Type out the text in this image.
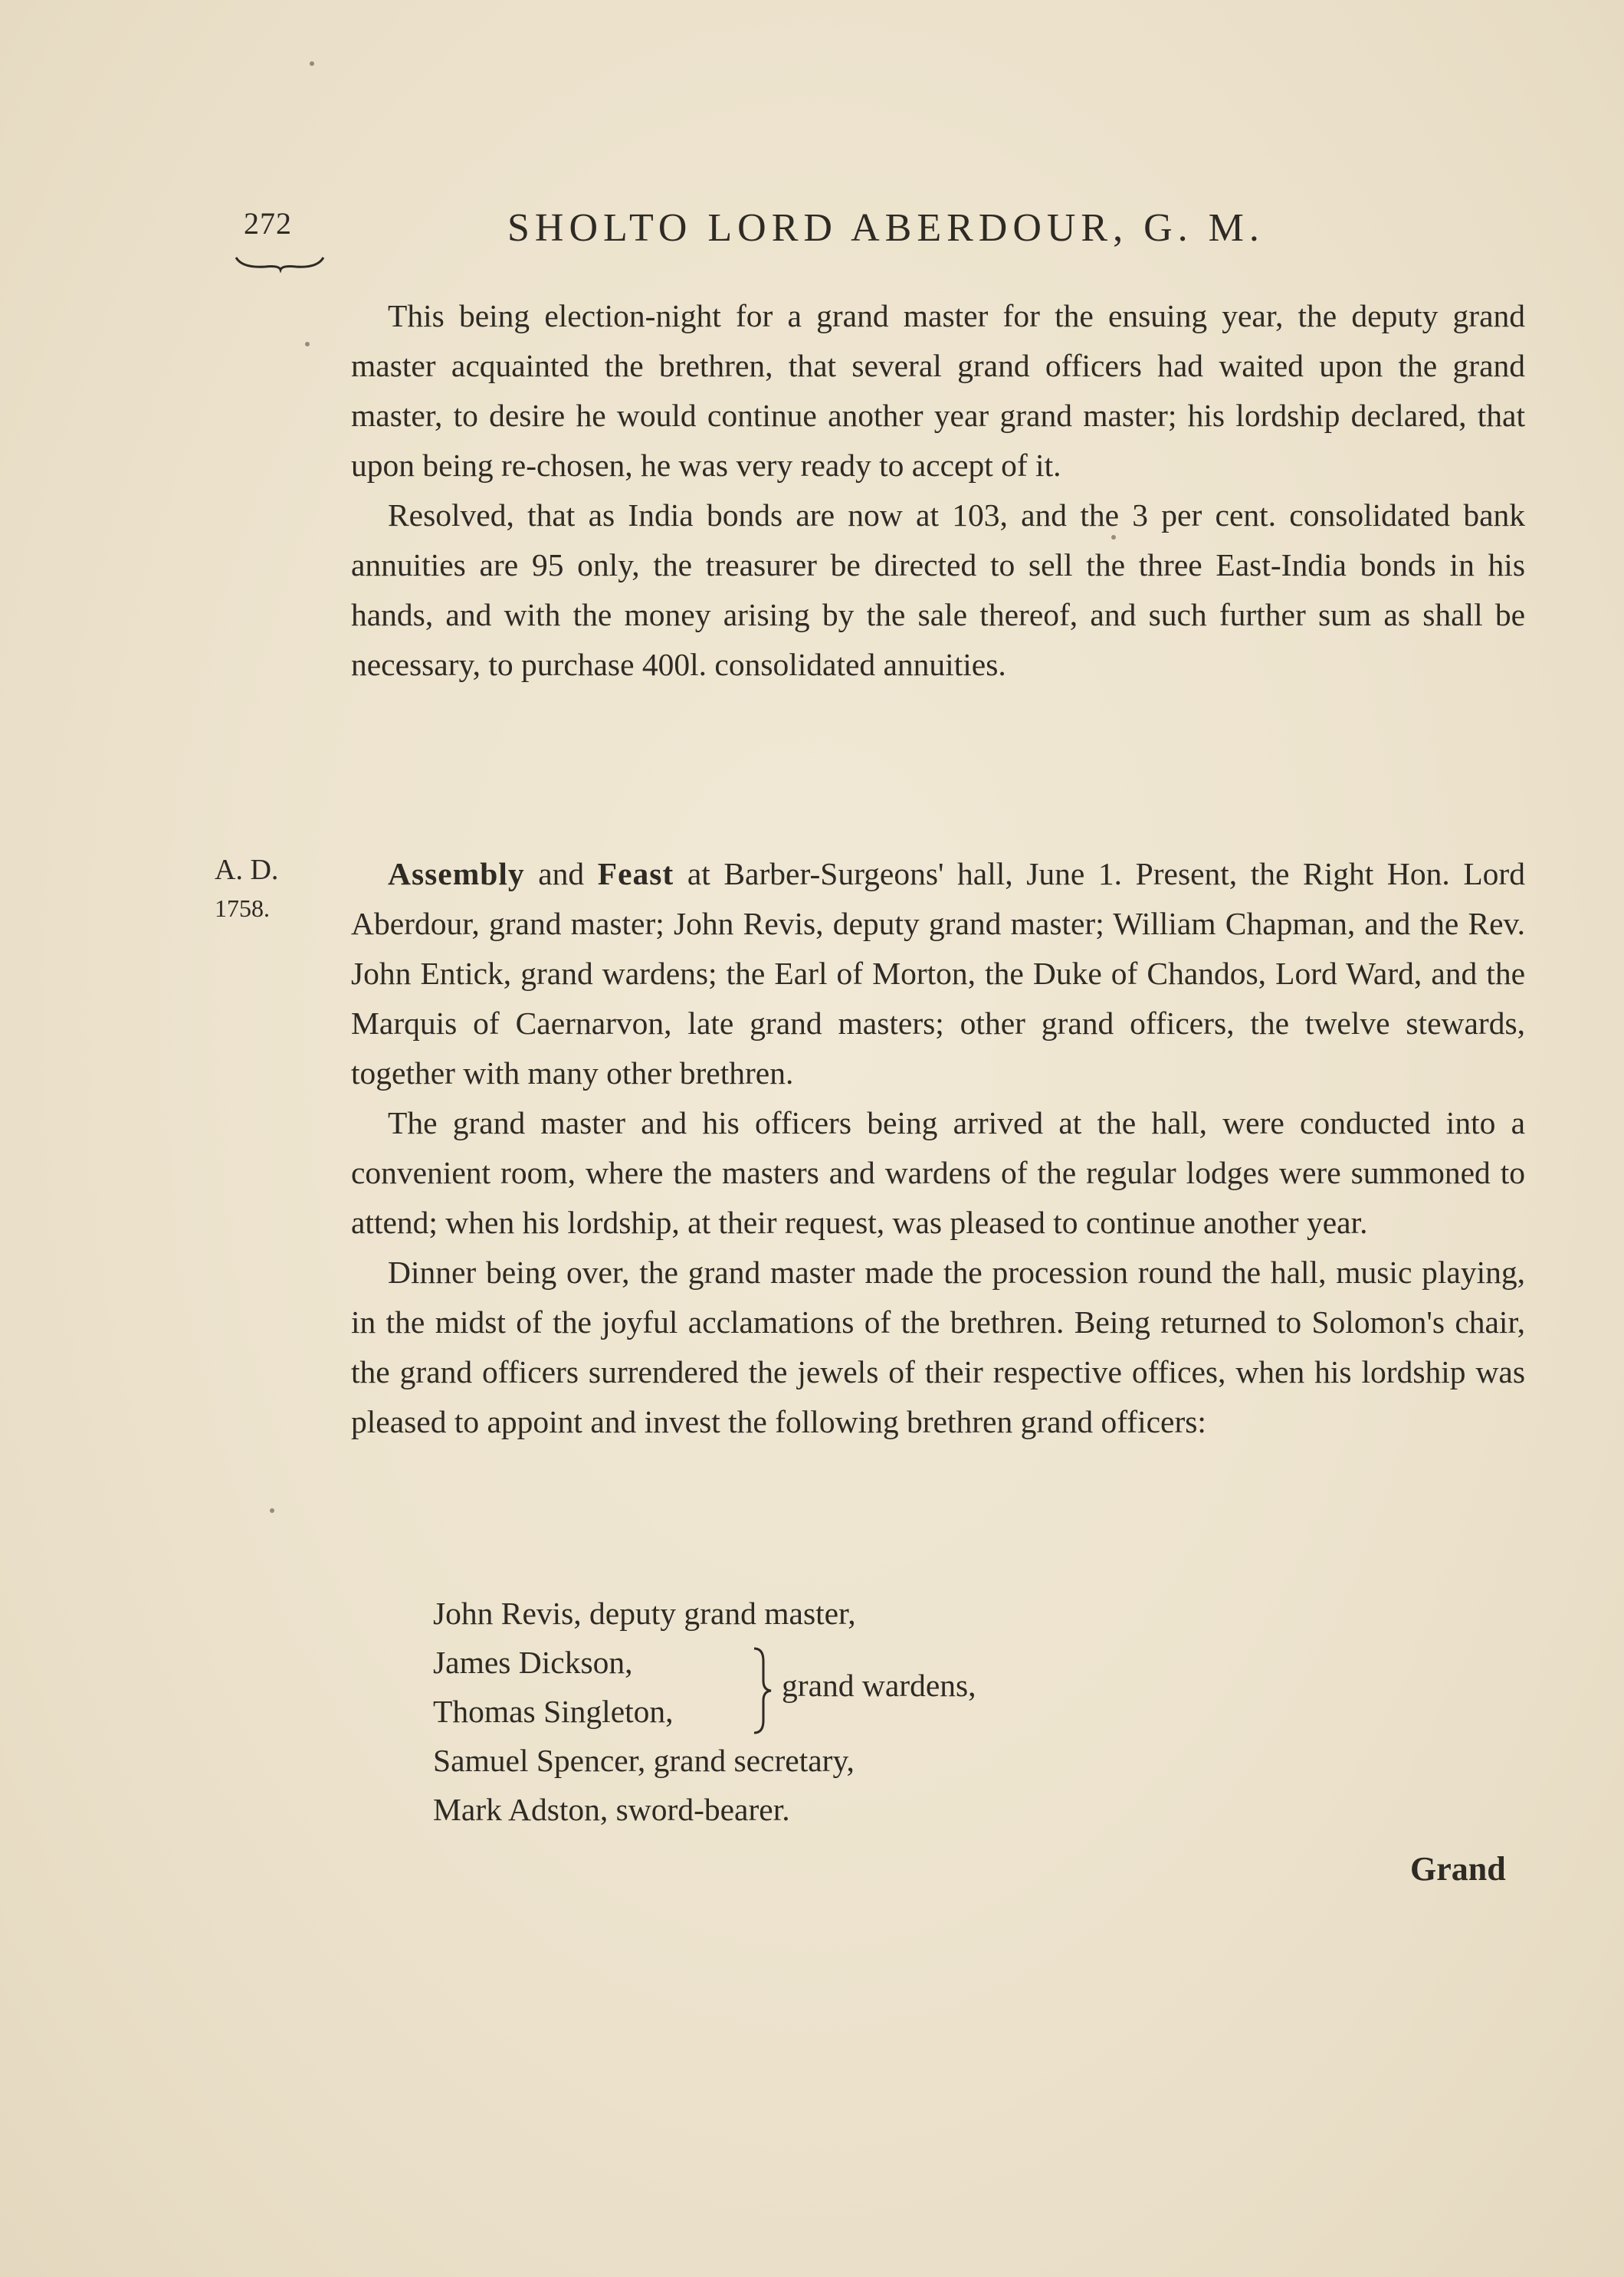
272	SHOLTO LORD ABERDOUR, G. M.

This being election-night for a grand master for the ensuing year, the deputy grand master acquainted the brethren, that several grand officers had waited upon the grand master, to desire he would continue another year grand master; his lordship declared, that upon being re-chosen, he was very ready to accept of it.

Resolved, that as India bonds are now at 103, and the 3 per cent. consolidated bank annuities are 95 only, the treasurer be directed to sell the three East-India bonds in his hands, and with the money arising by the sale thereof, and such further sum as shall be necessary, to purchase 400l. consolidated annuities.

A. D.
1758.

Assembly and Feast at Barber-Surgeons' hall, June 1. Present, the Right Hon. Lord Aberdour, grand master; John Revis, deputy grand master; William Chapman, and the Rev. John Entick, grand wardens; the Earl of Morton, the Duke of Chandos, Lord Ward, and the Marquis of Caernarvon, late grand masters; other grand officers, the twelve stewards, together with many other brethren.

The grand master and his officers being arrived at the hall, were conducted into a convenient room, where the masters and wardens of the regular lodges were summoned to attend; when his lordship, at their request, was pleased to continue another year.

Dinner being over, the grand master made the procession round the hall, music playing, in the midst of the joyful acclamations of the brethren. Being returned to Solomon's chair, the grand officers surrendered the jewels of their respective offices, when his lordship was pleased to appoint and invest the following brethren grand officers:

John Revis, deputy grand master,
James Dickson,
Thomas Singleton,
grand wardens,
Samuel Spencer, grand secretary,
Mark Adston, sword-bearer.
Grand
